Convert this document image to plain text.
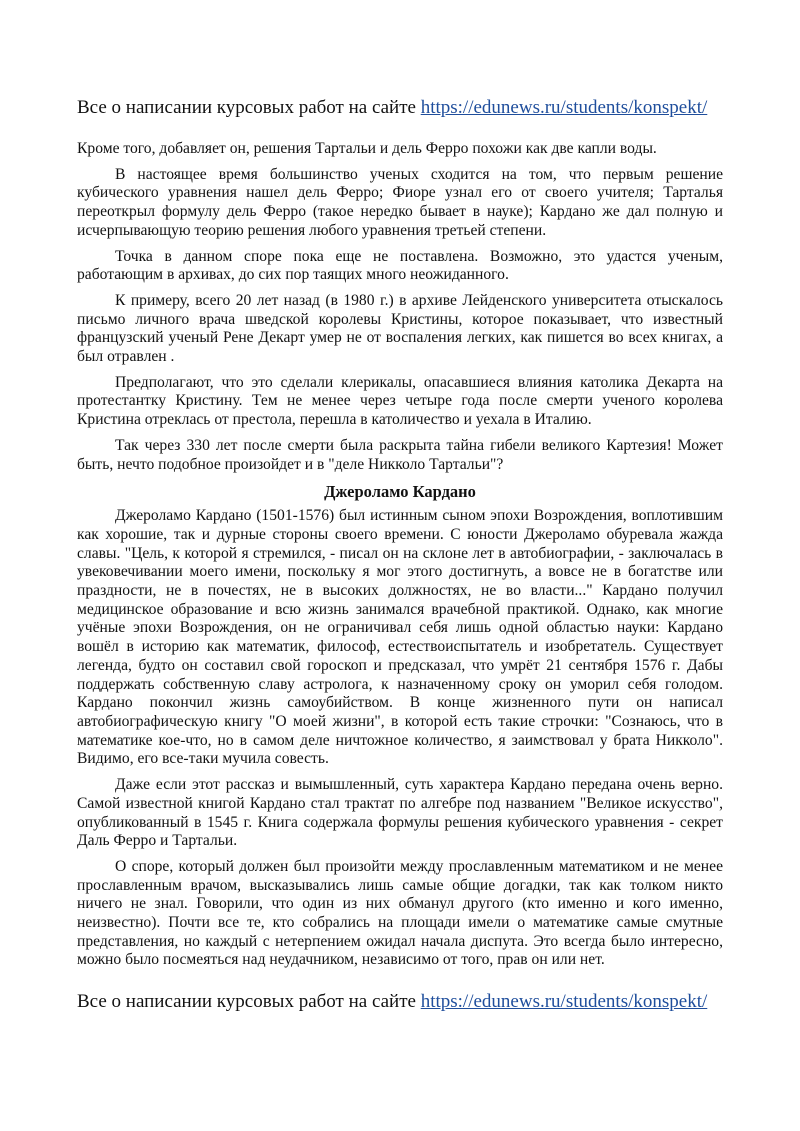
Все о написании курсовых работ на сайте https://edunews.ru/students/konspekt/

Кроме того, добавляет он, решения Тартальи и дель Ферро похожи как две капли воды.

В настоящее время большинство ученых сходится на том, что первым решение кубического уравнения нашел дель Ферро; Фиоре узнал его от своего учителя; Тарталья переоткрыл формулу дель Ферро (такое нередко бывает в науке); Кардано же дал полную и исчерпывающую теорию решения любого уравнения третьей степени.

Точка в данном споре пока еще не поставлена. Возможно, это удастся ученым, работающим в архивах, до сих пор таящих много неожиданного.

К примеру, всего 20 лет назад (в 1980 г.) в архиве Лейденского университета отыскалось письмо личного врача шведской королевы Кристины, которое показывает, что известный французский ученый Рене Декарт умер не от воспаления легких, как пишется во всех книгах, а был отравлен .

Предполагают, что это сделали клерикалы, опасавшиеся влияния католика Декарта на протестантку Кристину. Тем не менее через четыре года после смерти ученого королева Кристина отреклась от престола, перешла в католичество и уехала в Италию.

Так через 330 лет после смерти была раскрыта тайна гибели великого Картезия! Может быть, нечто подобное произойдет и в "деле Никколо Тартальи"?

Джероламо Кардано

Джероламо Кардано (1501-1576) был истинным сыном эпохи Возрождения, воплотившим как хорошие, так и дурные стороны своего времени. С юности Джероламо обуревала жажда славы. "Цель, к которой я стремился, - писал он на склоне лет в автобиографии, - заключалась в увековечивании моего имени, поскольку я мог этого достигнуть, а вовсе не в богатстве или праздности, не в почестях, не в высоких должностях, не во власти..." Кардано получил медицинское образование и всю жизнь занимался врачебной практикой. Однако, как многие учёные эпохи Возрождения, он не ограничивал себя лишь одной областью науки: Кардано вошёл в историю как математик, философ, естествоиспытатель и изобретатель. Существует легенда, будто он составил свой гороскоп и предсказал, что умрёт 21 сентября 1576 г. Дабы поддержать собственную славу астролога, к назначенному сроку он уморил себя голодом. Кардано покончил жизнь самоубийством. В конце жизненного пути он написал автобиографическую книгу "О моей жизни", в которой есть такие строчки: "Сознаюсь, что в математике кое-что, но в самом деле ничтожное количество, я заимствовал у брата Никколо". Видимо, его все-таки мучила совесть.

Даже если этот рассказ и вымышленный, суть характера Кардано передана очень верно. Самой известной книгой Кардано стал трактат по алгебре под названием "Великое искусство", опубликованный в 1545 г. Книга содержала формулы решения кубического уравнения - секрет Даль Ферро и Тартальи.

О споре, который должен был произойти между прославленным математиком и не менее прославленным врачом, высказывались лишь самые общие догадки, так как толком никто ничего не знал. Говорили, что один из них обманул другого (кто именно и кого именно, неизвестно). Почти все те, кто собрались на площади имели о математике самые смутные представления, но каждый с нетерпением ожидал начала диспута. Это всегда было интересно, можно было посмеяться над неудачником, независимо от того, прав он или нет.

Все о написании курсовых работ на сайте https://edunews.ru/students/konspekt/
